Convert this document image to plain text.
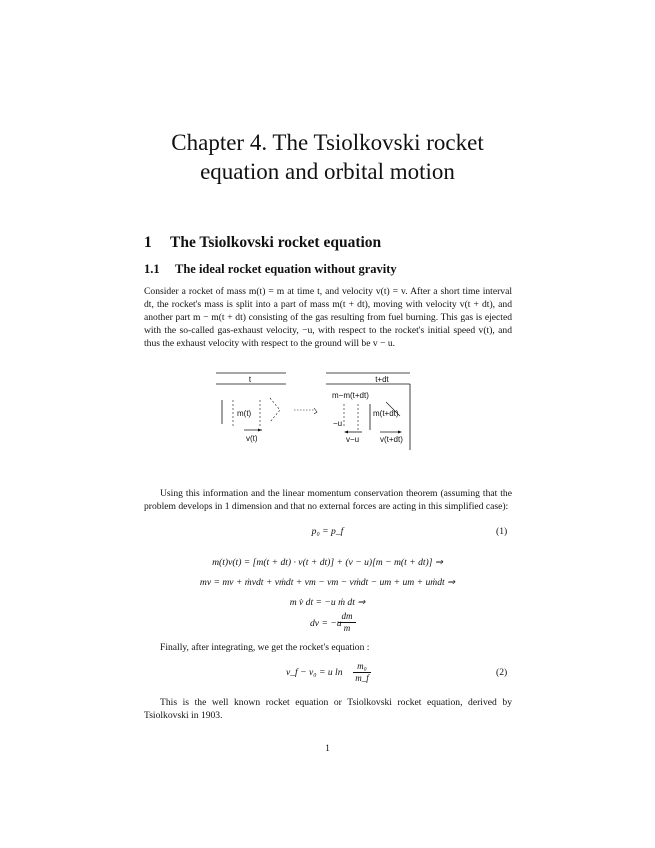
Chapter 4. The Tsiolkovski rocket
equation and orbital motion
1 The Tsiolkovski rocket equation
1.1 The ideal rocket equation without gravity
Consider a rocket of mass m(t) = m at time t, and velocity v(t) = v. After a short time interval dt, the rocket's mass is split into a part of mass m(t + dt), moving with velocity v(t + dt), and another part m − m(t + dt) consisting of the gas resulting from fuel burning. This gas is ejected with the so-called gas-exhaust velocity, −u, with respect to the rocket's initial speed v(t), and thus the exhaust velocity with respect to the ground will be v − u.
t
m(t)
v(t)
t+dt
m−m(t+dt)
m(t+dt)
−u
v−u	v(t+dt)
Using this information and the linear momentum conservation theorem (assuming that the problem develops in 1 dimension and that no external forces are acting in this simplified case):
p₀ = p_f	(1)
m(t)v(t) = [m(t + dt) · v(t + dt)] + (v − u)[m − m(t + dt)] ⇒
mv = mv + ṁvdt + vṁdt + vm − vm − vṁdt − um + um + uṁdt ⇒
m v̇ dt = −u ṁ dt ⇒
dv = −u
$\frac{dm}{m}$
Finally, after integrating, we get the rocket's equation :
v_f − v₀ = u $\ln \frac{\text{m₀}}{m\_f}$	(2)
This is the well known rocket equation or Tsiolkovski rocket equation, derived by Tsiolkovski in 1903.
1
